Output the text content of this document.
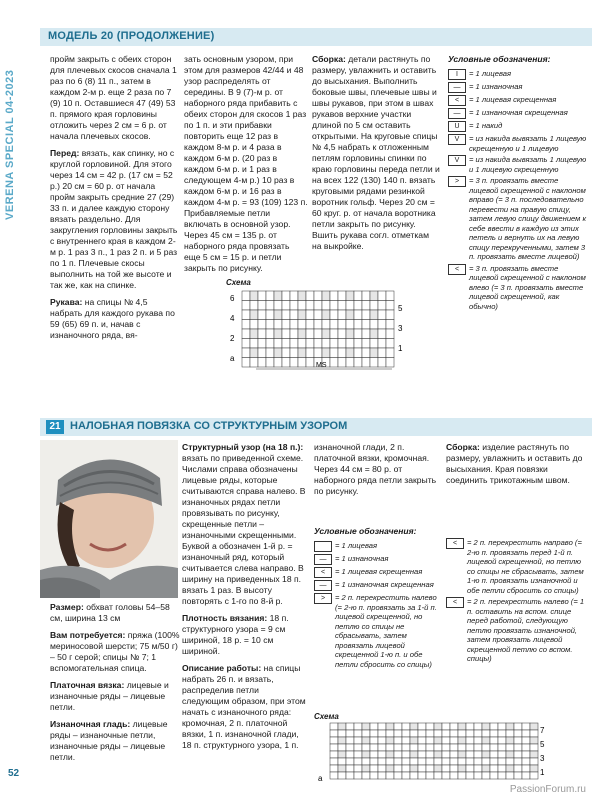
VERENA SPECIAL 04-2023
МОДЕЛЬ 20 (ПРОДОЛЖЕНИЕ)

пройм закрыть с обеих сторон для плечевых скосов сначала 1 раз по 6 (8) 11 п., затем в каждом 2-м р. еще 2 раза по 7 (9) 10 п. Оставшиеся 47 (49) 53 п. прямого края горловины отложить через 2 см = 6 р. от начала плечевых скосов.

Перед: вязать, как спинку, но с круглой горловиной. Для этого через 14 см = 42 р. (17 см = 52 р.) 20 см = 60 р. от начала пройм закрыть средние 27 (29) 33 п. и далее каждую сторону вязать раздельно. Для закругления горловины закрыть с внутреннего края в каждом 2-м р. 1 раз 3 п., 1 раз 2 п. и 5 раз по 1 п. Плечевые скосы выполнить на той же высоте и так же, как на спинке.

Рукава: на спицы № 4,5 набрать для каждого рукава по 59 (65) 69 п. и, начав с изнаночного ряда, вя-

зать основным узором, при этом для размеров 42/44 и 48 узор распределять от середины. В 9 (7)-м р. от наборного ряда прибавить с обеих сторон для скосов 1 раз по 1 п. и эти прибавки повторить еще 12 раз в каждом 8-м р. и 4 раза в каждом 6-м р. (20 раз в каждом 6-м р. и 1 раз в следующем 4-м р.) 10 раз в каждом 6-м р. и 16 раз в каждом 4-м р. = 93 (109) 123 п. Прибавляемые петли включать в основной узор. Через 45 см = 135 р. от наборного ряда провязать еще 5 см = 15 р. и петли закрыть по рисунку.

Сборка: детали растянуть по размеру, увлажнить и оставить до высыхания. Выполнить боковые швы, плечевые швы и швы рукавов, при этом в швах рукавов верхние участки длиной по 5 см оставить открытыми. На круговые спицы № 4,5 набрать к отложенным петлям горловины спинки по краю горловины переда петли и на всех 122 (130) 140 п. вязать круговыми рядами резинкой воротник гольф. Через 20 см = 60 круг. р. от начала воротника петли закрыть по рисунку. Вшить рукава согл. отметкам на выкройке.

Условные обозначения:
I	= 1 лицевая
—	= 1 изнаночная
<	= 1 лицевая скрещенная
—	= 1 изнаночная скрещенная
U	= 1 накид
V	= из накида вывязать 1 лицевую скрещенную и 1 лицевую
V	= из накида вывязать 1 лицевую и 1 лицевую скрещенную
>	= 3 п. провязать вместе лицевой скрещенной с наклоном вправо (= 3 п. последовательно перевести на правую спицу, затем левую спицу движением к себе ввести в каждую из этих петель и вернуть их на левую спицу перекрученными, затем 3 п. провязать вместе лицевой)
<	= 3 п. провязать вместе лицевой скрещенной с наклоном влево (= 3 п. провязать вместе лицевой скрещенной, как обычно)
Схема
6
4
2
а
5
3
1
MS
21 НАЛОБНАЯ ПОВЯЗКА СО СТРУКТУРНЫМ УЗОРОМ

Размер: обхват головы 54–58 см, ширина 13 см

Вам потребуется: пряжа (100% мериносовой шерсти; 75 м/50 г) – 50 г серой; спицы № 7; 1 вспомогательная спица.

Платочная вязка: лицевые и изнаночные ряды – лицевые петли.

Изнаночная гладь: лицевые ряды – изнаночные петли, изнаночные ряды – лицевые петли.

Структурный узор (на 18 п.): вязать по приведенной схеме. Числами справа обозначены лицевые ряды, которые считываются справа налево. В изнаночных рядах петли провязывать по рисунку, скрещенные петли – изнаночными скрещенными. Буквой а обозначен 1-й р. = изнаночный ряд, который считывается слева направо. В ширину на приведенных 18 п. вязать 1 раз. В высоту повторять с 1-го по 8-й р.

Плотность вязания: 18 п. структурного узора = 9 см шириной, 18 р. = 10 см шириной.

Описание работы: на спицы набрать 26 п. и вязать, распределив петли следующим образом, при этом начать с изнаночного ряда: кромочная, 2 п. платочной вязки, 1 п. изнаночной глади, 18 п. структурного узора, 1 п.

изнаночной глади, 2 п. платочной вязки, кромочная. Через 44 см = 80 р. от наборного ряда петли закрыть по рисунку.

Сборка: изделие растянуть по размеру, увлажнить и оставить до высыхания. Края повязки соединить трикотажным швом.

Условные обозначения:
= 1 лицевая
—	= 1 изнаночная
<	= 1 лицевая скрещенная
—	= 1 изнаночная скрещенная
>	= 2 п. перекрестить налево (= 2-ю п. провязать за 1-й п. лицевой скрещенной, но петлю со спицы не сбрасывать, затем провязать лицевой скрещенной 1-ю п. и обе петли сбросить со спицы)
<	= 2 п. перекрестить направо (= 2-ю п. провязать перед 1-й п. лицевой скрещенной, но петлю со спицы не сбрасывать, затем 1-ю п. провязать изнаночной и обе петли сбросить со спицы)
<	= 2 п. перекрестить налево (= 1 п. оставить на вспом. спице перед работой, следующую петлю провязать изнаночной, затем провязать лицевой скрещенной петлю со вспом. спицы)
Схема
7
5
3
1
а
52
PassionForum.ru
